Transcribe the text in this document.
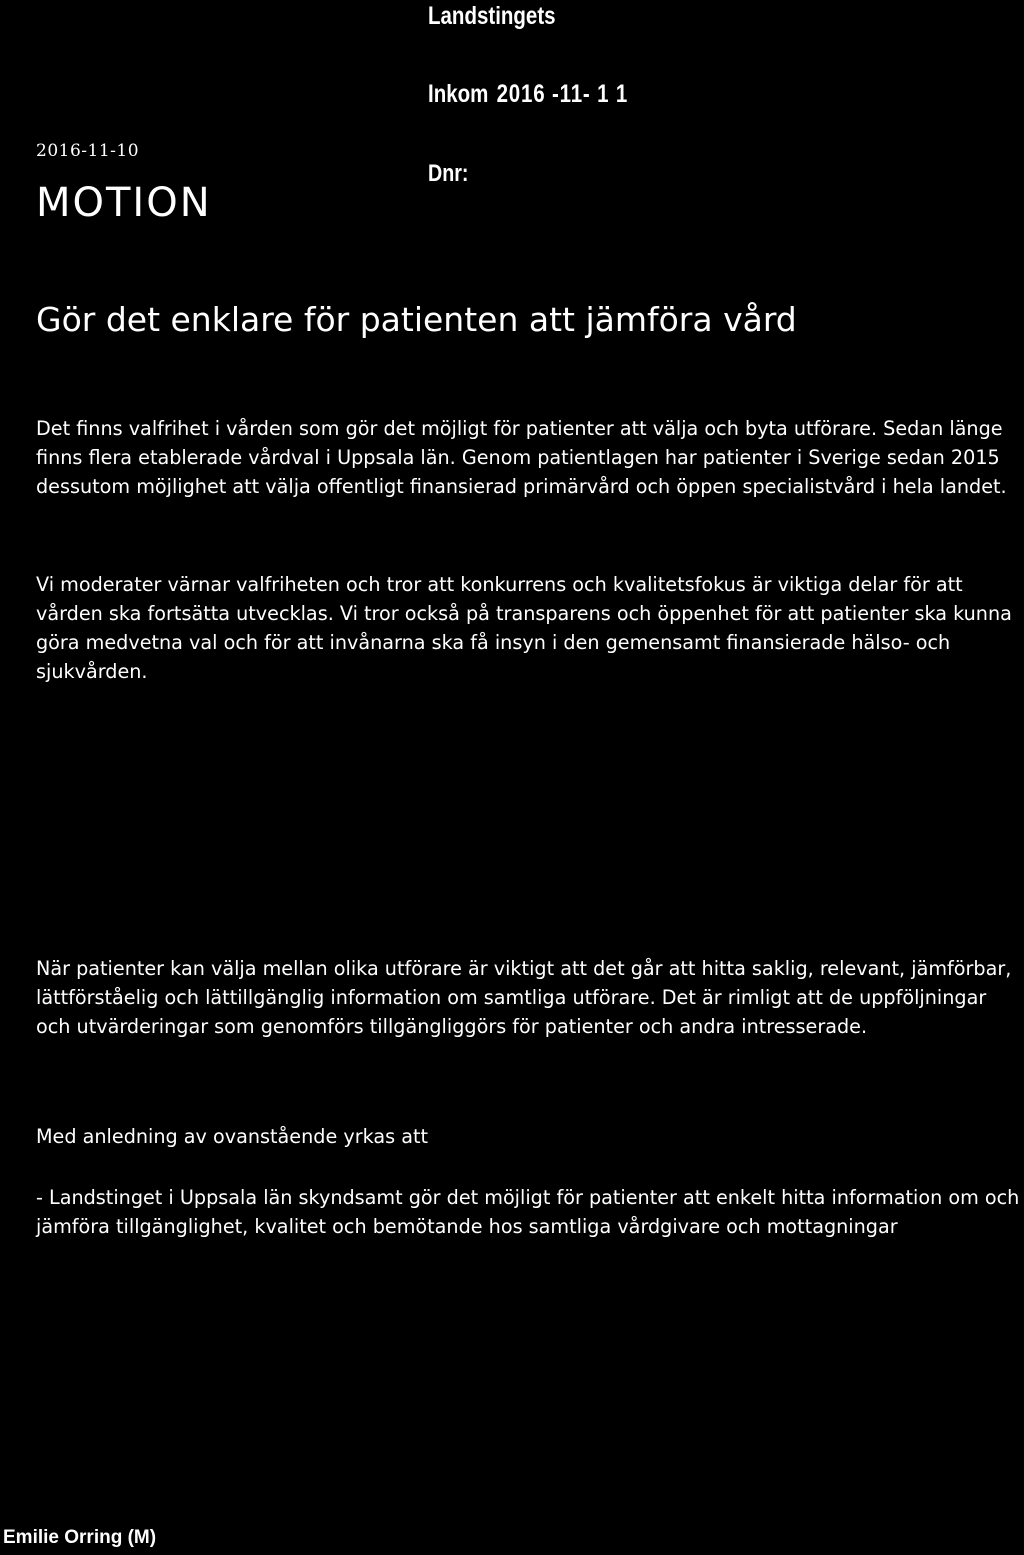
Landstingets
Inkom 2016 -11- 1 1
Dnr:
2016-11-10
MOTION
Gör det enklare för patienten att jämföra vård

Det finns valfrihet i vården som gör det möjligt för patienter att välja och byta utförare. Sedan länge finns flera etablerade vårdval i Uppsala län. Genom patientlagen har patienter i Sverige sedan 2015 dessutom möjlighet att välja offentligt finansierad primärvård och öppen specialistvård i hela landet.

Vi moderater värnar valfriheten och tror att konkurrens och kvalitetsfokus är viktiga delar för att vården ska fortsätta utvecklas. Vi tror också på transparens och öppenhet för att patienter ska kunna göra medvetna val och för att invånarna ska få insyn i den gemensamt finansierade hälso- och sjukvården.

När patienter kan välja mellan olika utförare är viktigt att det går att hitta saklig, relevant, jämförbar, lättförståelig och lättillgänglig information om samtliga utförare. Det är rimligt att de uppföljningar och utvärderingar som genomförs tillgängliggörs för patienter och andra intresserade.

Med anledning av ovanstående yrkas att

- Landstinget i Uppsala län skyndsamt gör det möjligt för patienter att enkelt hitta information om och jämföra tillgänglighet, kvalitet och bemötande hos samtliga vårdgivare och mottagningar

Emilie Orring (M)
